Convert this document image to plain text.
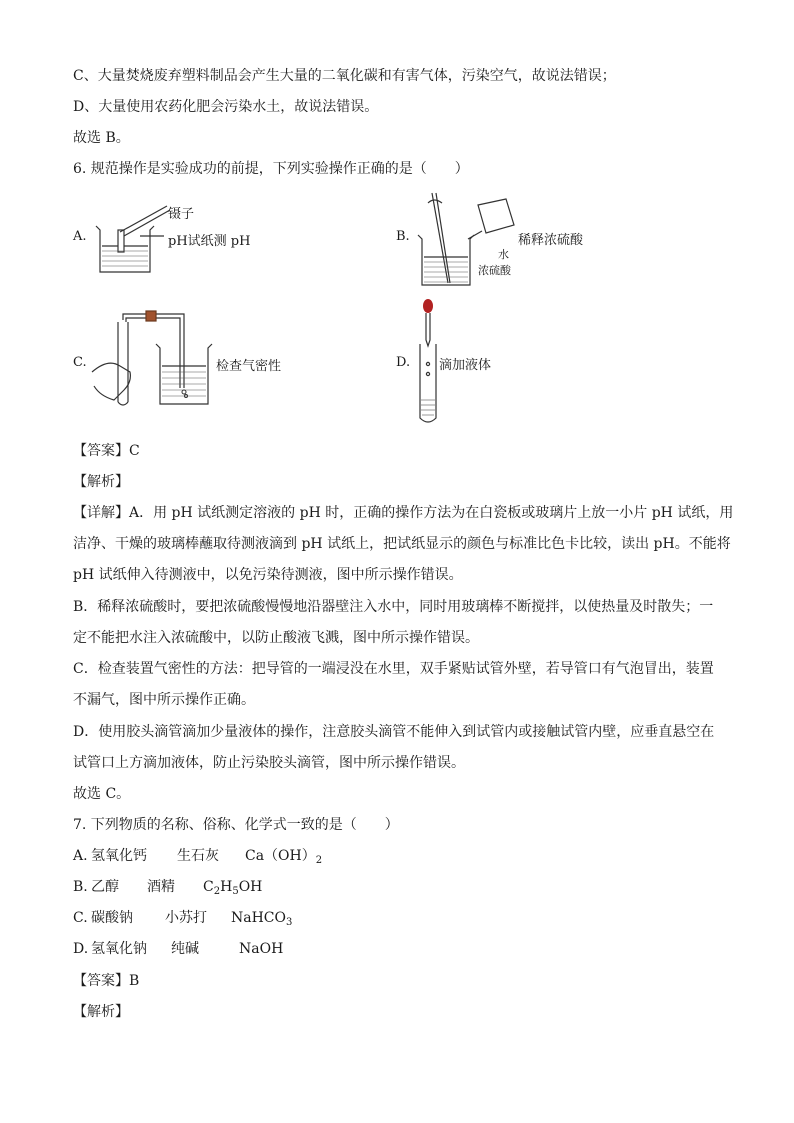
C、大量焚烧废弃塑料制品会产生大量的二氧化碳和有害气体，污染空气，故说法错误；
D、大量使用农药化肥会污染水土，故说法错误。
故选 B。
6. 规范操作是实验成功的前提，下列实验操作正确的是（　　）
A.
镊子
pH试纸测 pH	B.	稀释浓硫酸
水
浓硫酸
C.	检查气密性	D. 滴加液体
【答案】C
【解析】
【详解】A．用 pH 试纸测定溶液的 pH 时，正确的操作方法为在白瓷板或玻璃片上放一小片 pH 试纸，用
洁净、干燥的玻璃棒蘸取待测液滴到 pH 试纸上，把试纸显示的颜色与标准比色卡比较，读出 pH。不能将
pH 试纸伸入待测液中，以免污染待测液，图中所示操作错误。
B．稀释浓硫酸时，要把浓硫酸慢慢地沿器壁注入水中，同时用玻璃棒不断搅拌，以使热量及时散失；一
定不能把水注入浓硫酸中，以防止酸液飞溅，图中所示操作错误。
C．检查装置气密性的方法：把导管的一端浸没在水里，双手紧贴试管外壁，若导管口有气泡冒出，装置
不漏气，图中所示操作正确。
D．使用胶头滴管滴加少量液体的操作，注意胶头滴管不能伸入到试管内或接触试管内壁，应垂直悬空在
试管口上方滴加液体，防止污染胶头滴管，图中所示操作错误。
故选 C。
7. 下列物质的名称、俗称、化学式一致的是（　　）
A. 氢氧化钙 生石灰 $Ca(OH)_2$
B. 乙醇 酒精 $C_2H_5OH$
C. 碳酸钠 小苏打 NaHCO$_3$
D. 氢氧化钠 纯碱	NaOH
【答案】B
【解析】
